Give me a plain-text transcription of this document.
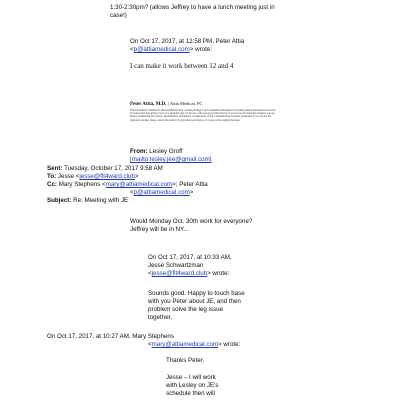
1:30-2:30pm? (allows Jeffrey to have a lunch meeting just in
case!)
On Oct 17, 2017, at 12:58 PM, Peter Attia
<p@attiamedical.com> wrote:
I can make it work between 12 and 4
Peter Attia, M.D. | Attia Medical, PC
The information contained in this transmission may contain privileged and confidential information, including patient information protected by federal and state privacy laws. It is intended only for the use of the person(s) named above. If you are not the intended recipient, you are hereby notified that any review, dissemination, distribution or duplication of this communication is strictly prohibited. If you are not the intended recipient, please contact the sender by reply email and destroy all copies of the original message.
From: Lesley Groff
[mailto:lesley.jee@gmail.com]
Sent: Tuesday, October 17, 2017 9:58 AM
To: Jesse <jesse@flt4ward.club>
Cc: Mary Stephens <mary@attiamedical.com>; Peter Attia
<p@attiamedical.com>
Subject: Re: Meeting with JE
Would Monday Oct. 30th work for everyone?
Jeffrey will be in NY...
On Oct 17, 2017, at 10:33 AM,
Jesse Schwartzman
<jesse@flt4ward.club> wrote:
Sounds good. Happy to touch base
with you Peter about JE, and then
problem solve the leg issue
together.
On Oct 17, 2017, at 10:27 AM, Mary Stephens
<mary@attiamedical.com> wrote:
Thanks Peter.
Jesse – I will work
with Lesley on JE's
schedule then will
